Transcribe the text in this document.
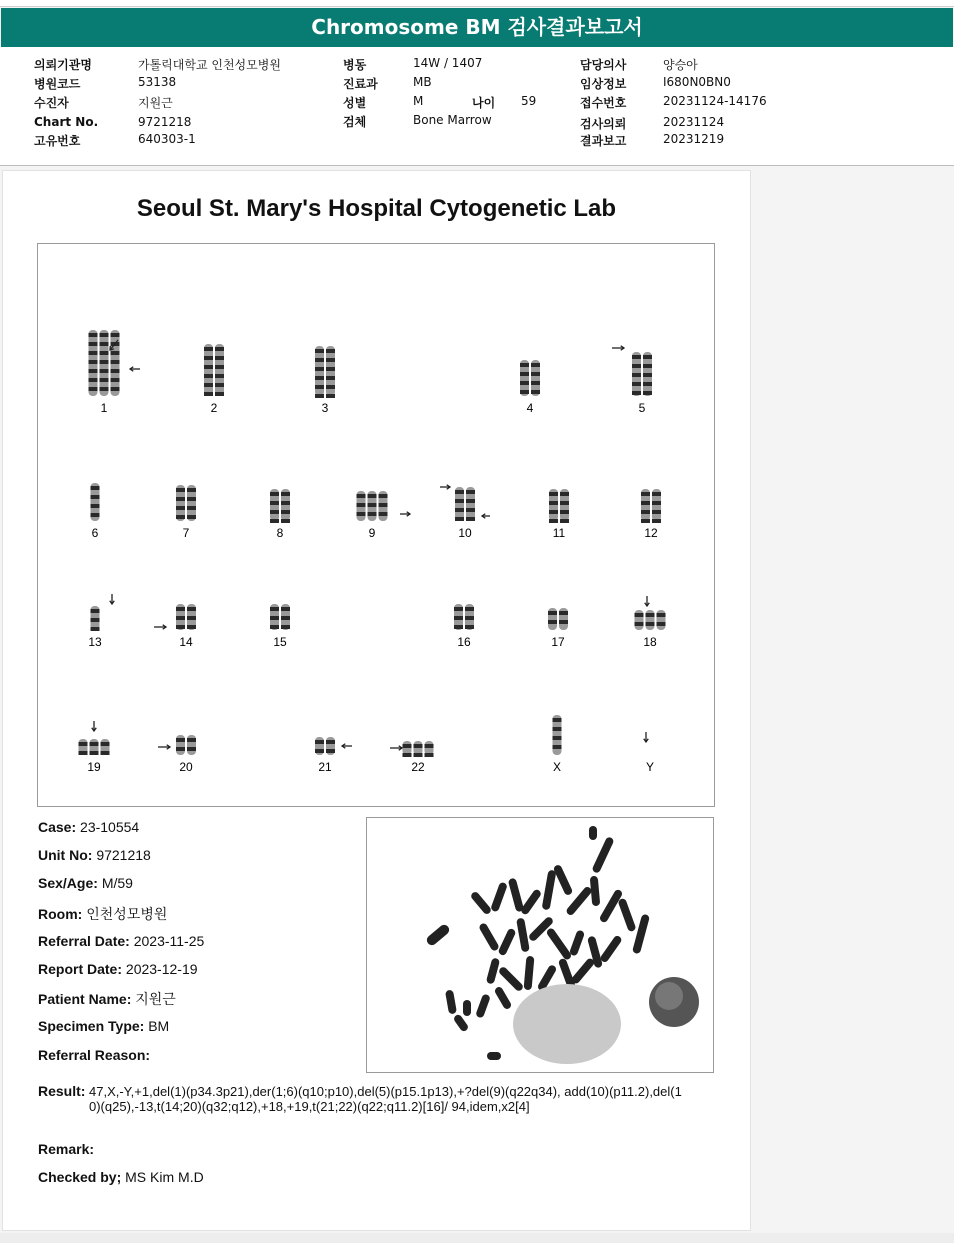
Chromosome BM 검사결과보고서
의뢰기관명	가톨릭대학교 인천성모병원
병원코드	53138
수진자	지원근
Chart No.	9721218
고유번호	640303-1
병동	14W / 1407
진료과	MB
성별	M	나이 59
검체	Bone Marrow
담당의사	양승아
임상정보	I680N0BN0
접수번호	20231124-14176
검사의뢰	20231124
결과보고	20231219
Seoul St. Mary's Hospital Cytogenetic Lab
1	2	3	4	5
6	7	8	9	10	11	12
13	14	15	16	17	18
19	20	21	22	X	Y
Case: 23-10554
Unit No: 9721218
Sex/Age: M/59
Room: 인천성모병원
Referral Date: 2023-11-25
Report Date: 2023-12-19
Patient Name: 지원근
Specimen Type: BM
Referral Reason:
Result: 47,X,-Y,+1,del(1)(p34.3p21),der(1;6)(q10;p10),del(5)(p15.1p13),+?del(9)(q22q34), add(10)(p11.2),del(10)(q25),-13,t(14;20)(q32;q12),+18,+19,t(21;22)(q22;q11.2)[16]/ 94,idem,x2[4]
Remark:
Checked by; MS Kim M.D
